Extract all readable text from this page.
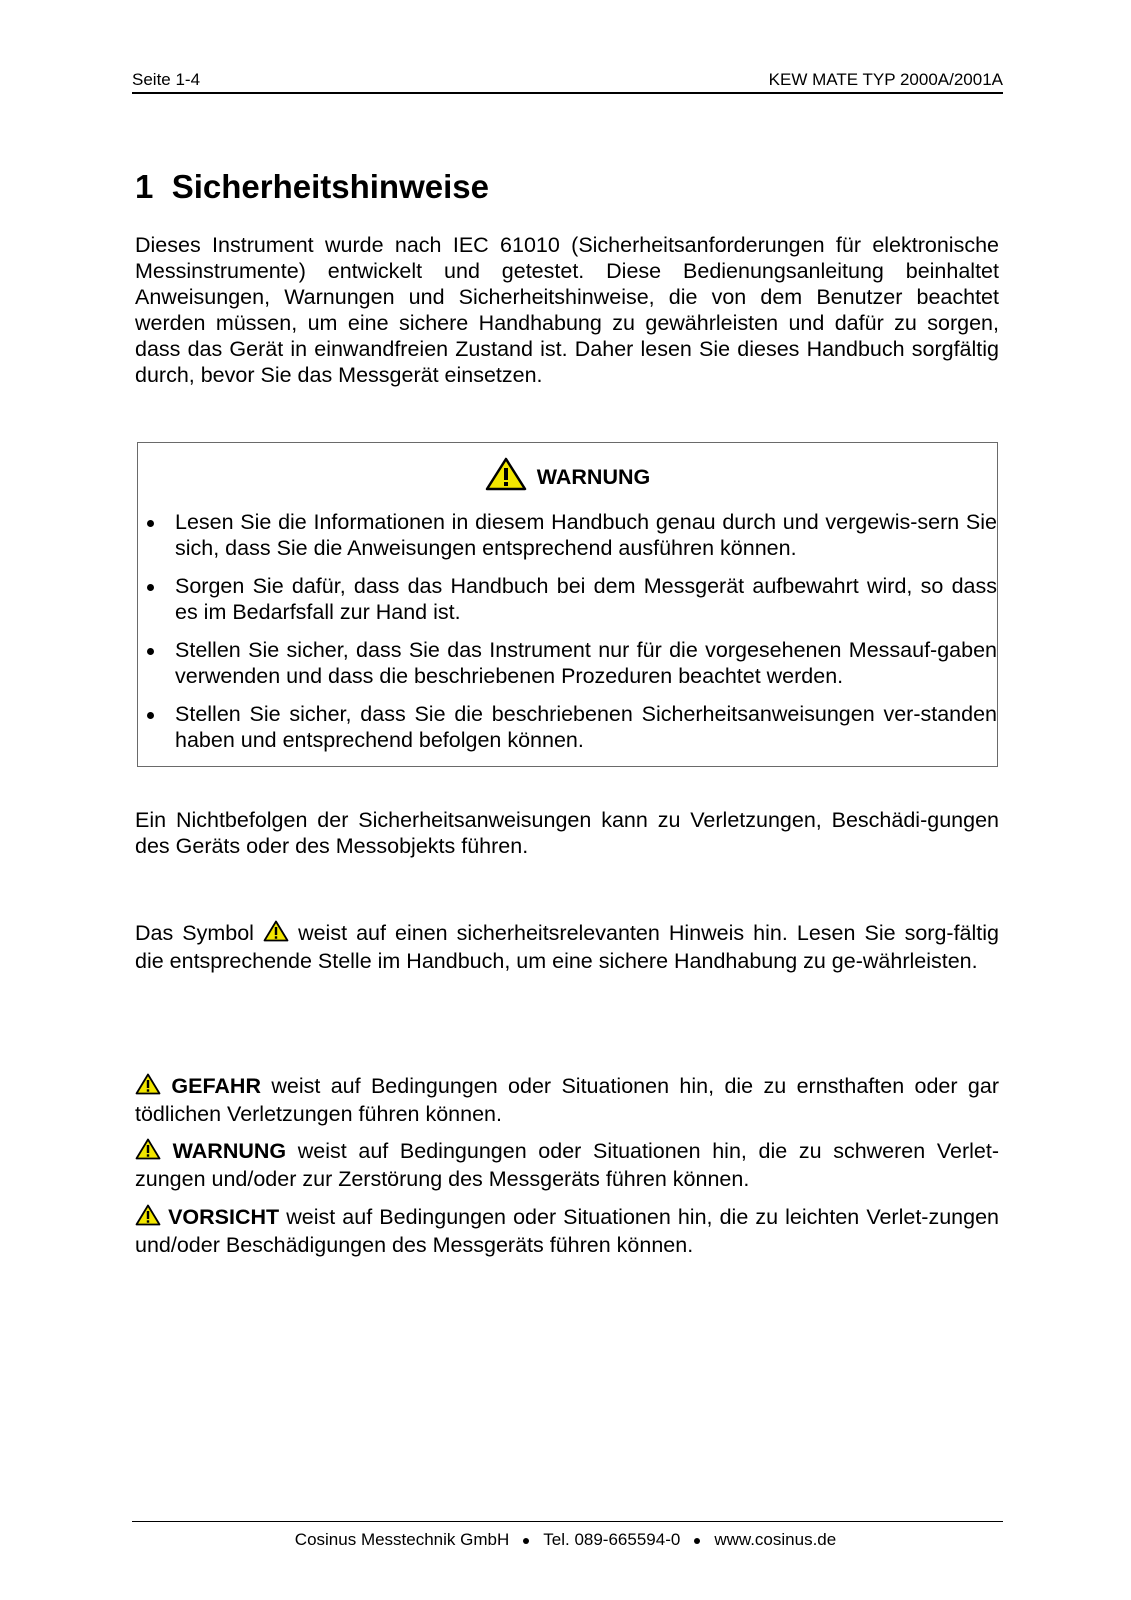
Seite 1-4	KEW MATE TYP 2000A/2001A
1 Sicherheitshinweise

Dieses Instrument wurde nach IEC 61010 (Sicherheitsanforderungen für elektronische Messinstrumente) entwickelt und getestet. Diese Bedienungsanleitung beinhaltet Anweisungen, Warnungen und Sicherheitshinweise, die von dem Benutzer beachtet werden müssen, um eine sichere Handhabung zu gewährleisten und dafür zu sorgen, dass das Gerät in einwandfreien Zustand ist. Daher lesen Sie dieses Handbuch sorgfältig durch, bevor Sie das Messgerät einsetzen.

WARNUNG
Lesen Sie die Informationen in diesem Handbuch genau durch und vergewis-sern Sie sich, dass Sie die Anweisungen entsprechend ausführen können.
Sorgen Sie dafür, dass das Handbuch bei dem Messgerät aufbewahrt wird, so dass es im Bedarfsfall zur Hand ist.
Stellen Sie sicher, dass Sie das Instrument nur für die vorgesehenen Messauf-gaben verwenden und dass die beschriebenen Prozeduren beachtet werden.
Stellen Sie sicher, dass Sie die beschriebenen Sicherheitsanweisungen ver-standen haben und entsprechend befolgen können.

Ein Nichtbefolgen der Sicherheitsanweisungen kann zu Verletzungen, Beschädi-gungen des Geräts oder des Messobjekts führen.

Das Symbol weist auf einen sicherheitsrelevanten Hinweis hin. Lesen Sie sorg-fältig die entsprechende Stelle im Handbuch, um eine sichere Handhabung zu ge-währleisten.

GEFAHR weist auf Bedingungen oder Situationen hin, die zu ernsthaften oder gar tödlichen Verletzungen führen können.

WARNUNG weist auf Bedingungen oder Situationen hin, die zu schweren Verlet-zungen und/oder zur Zerstörung des Messgeräts führen können.

VORSICHT weist auf Bedingungen oder Situationen hin, die zu leichten Verlet-zungen und/oder Beschädigungen des Messgeräts führen können.

Cosinus Messtechnik GmbH Tel. 089-665594-0 www.cosinus.de
